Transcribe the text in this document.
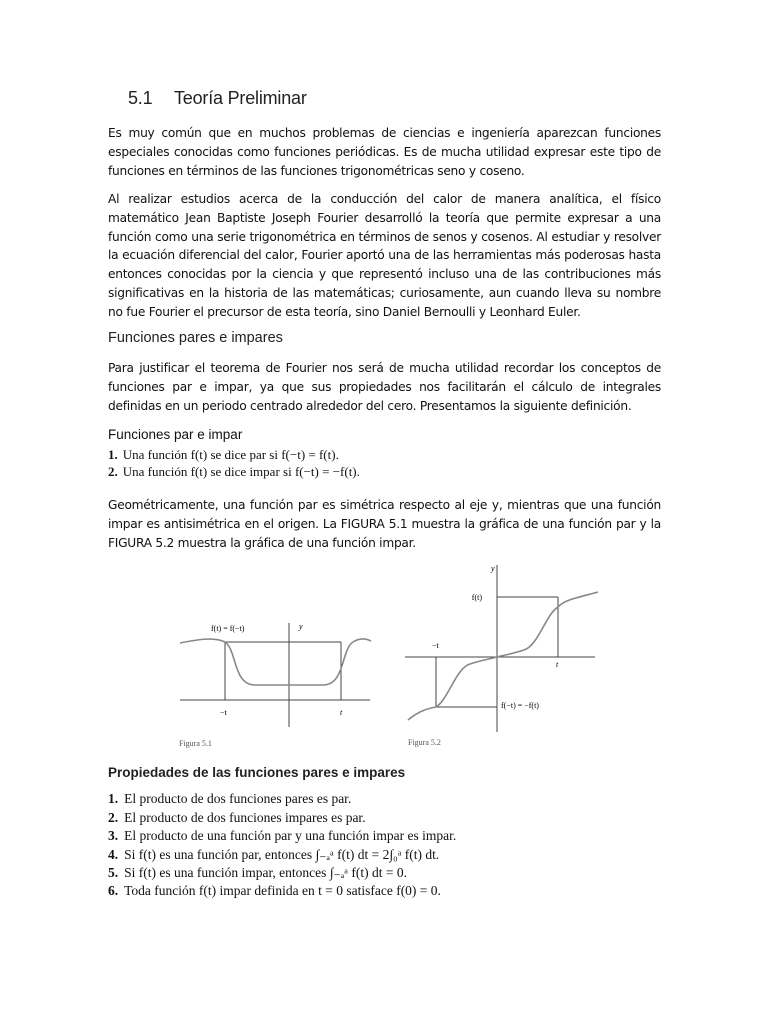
5.1 Teoría Preliminar
Es muy común que en muchos problemas de ciencias e ingeniería aparezcan funciones especiales conocidas como funciones periódicas. Es de mucha utilidad expresar este tipo de funciones en términos de las funciones trigonométricas seno y coseno.
Al realizar estudios acerca de la conducción del calor de manera analítica, el físico matemático Jean Baptiste Joseph Fourier desarrolló la teoría que permite expresar a una función como una serie trigonométrica en términos de senos y cosenos. Al estudiar y resolver la ecuación diferencial del calor, Fourier aportó una de las herramientas más poderosas hasta entonces conocidas por la ciencia y que representó incluso una de las contribuciones más significativas en la historia de las matemáticas; curiosamente, aun cuando lleva su nombre no fue Fourier el precursor de esta teoría, sino Daniel Bernoulli y Leonhard Euler.
Funciones pares e impares
Para justificar el teorema de Fourier nos será de mucha utilidad recordar los conceptos de funciones par e impar, ya que sus propiedades nos facilitarán el cálculo de integrales definidas en un periodo centrado alrededor del cero. Presentamos la siguiente definición.
Funciones par e impar
1. Una función f(t) se dice par si f(−t) = f(t).
2. Una función f(t) se dice impar si f(−t) = −f(t).
Geométricamente, una función par es simétrica respecto al eje y, mientras que una función impar es antisimétrica en el origen. La FIGURA 5.1 muestra la gráfica de una función par y la FIGURA 5.2 muestra la gráfica de una función impar.
f(t) = f(−t)	y
−t	t
Figura 5.1
y
f(t)
−t
t
f(−t) = −f(t)
Figura 5.2
Propiedades de las funciones pares e impares
1. El producto de dos funciones pares es par.
2. El producto de dos funciones impares es par.
3. El producto de una función par y una función impar es impar.
4. Si f(t) es una función par, entonces ∫₋ₐᵃ f(t) dt = 2∫₀ᵃ f(t) dt.
5. Si f(t) es una función impar, entonces ∫₋ₐᵃ f(t) dt = 0.
6. Toda función f(t) impar definida en t = 0 satisface f(0) = 0.
